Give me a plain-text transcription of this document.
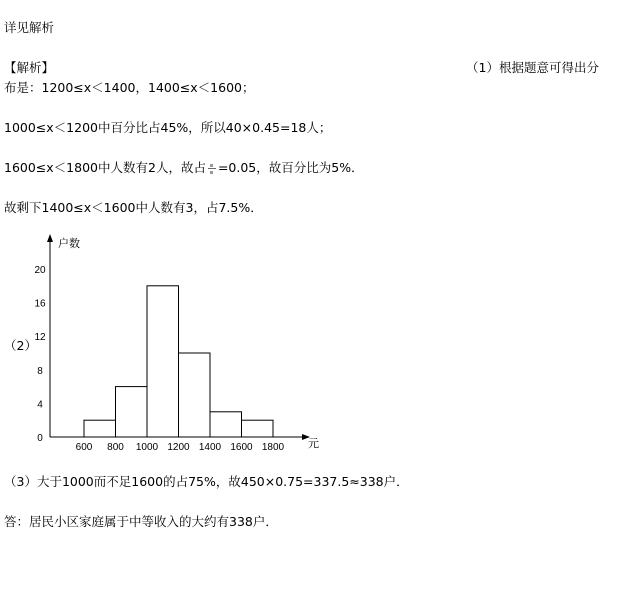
详见解析
【解析】	（1）根据题意可得出分
布是：1200≤x＜1400，1400≤x＜1600；
1000≤x＜1200中百分比占45%，所以40×0.45=18人；
1600≤x＜1800中人数有2人，故占 =0.05，故百分比为5%．
故剩下1400≤x＜1600中人数有3，占7.5%．
（2）
0
4
8
12
16
20
600 800 1000 1200 1400 1600 1800
户数
元
（3）大于1000而不足1600的占75%，故450×0.75=337.5≈338户．
答：居民小区家庭属于中等收入的大约有338户．
